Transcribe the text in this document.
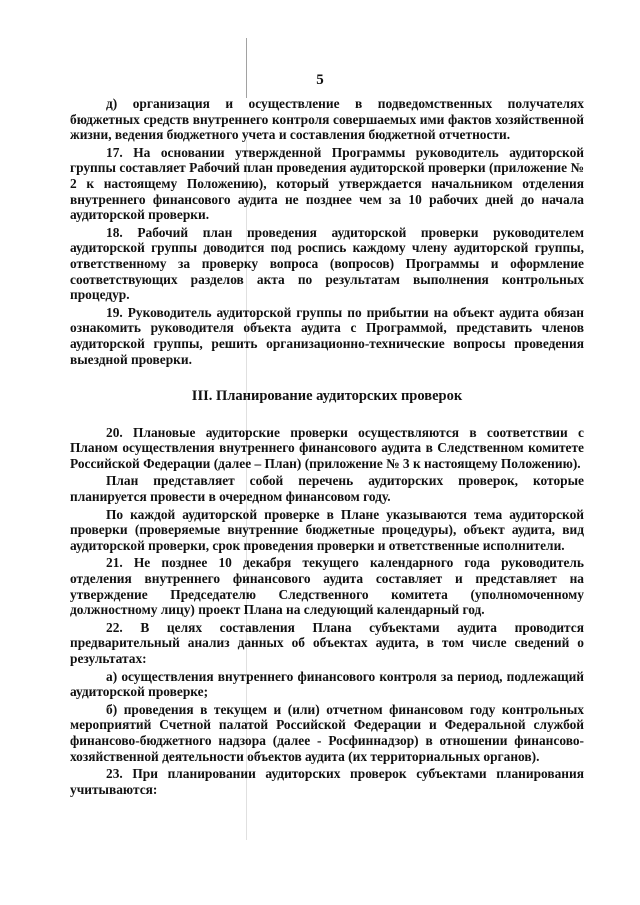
5

д) организация и осуществление в подведомственных получателях бюджетных средств внутреннего контроля совершаемых ими фактов хозяйственной жизни, ведения бюджетного учета и составления бюджетной отчетности.

17. На основании утвержденной Программы руководитель аудиторской группы составляет Рабочий план проведения аудиторской проверки (приложение № 2 к настоящему Положению), который утверждается начальником отделения внутреннего финансового аудита не позднее чем за 10 рабочих дней до начала аудиторской проверки.

18. Рабочий план проведения аудиторской проверки руководителем аудиторской группы доводится под роспись каждому члену аудиторской группы, ответственному за проверку вопроса (вопросов) Программы и оформление соответствующих разделов акта по результатам выполнения контрольных процедур.

19. Руководитель аудиторской группы по прибытии на объект аудита обязан ознакомить руководителя объекта аудита с Программой, представить членов аудиторской группы, решить организационно-технические вопросы проведения выездной проверки.

III. Планирование аудиторских проверок

20. Плановые аудиторские проверки осуществляются в соответствии с Планом осуществления внутреннего финансового аудита в Следственном комитете Российской Федерации (далее – План) (приложение № 3 к настоящему Положению).

План представляет собой перечень аудиторских проверок, которые планируется провести в очередном финансовом году.

По каждой аудиторской проверке в Плане указываются тема аудиторской проверки (проверяемые внутренние бюджетные процедуры), объект аудита, вид аудиторской проверки, срок проведения проверки и ответственные исполнители.

21. Не позднее 10 декабря текущего календарного года руководитель отделения внутреннего финансового аудита составляет и представляет на утверждение Председателю Следственного комитета (уполномоченному должностному лицу) проект Плана на следующий календарный год.

22. В целях составления Плана субъектами аудита проводится предварительный анализ данных об объектах аудита, в том числе сведений о результатах:

а) осуществления внутреннего финансового контроля за период, подлежащий аудиторской проверке;

б) проведения в текущем и (или) отчетном финансовом году контрольных мероприятий Счетной палатой Российской Федерации и Федеральной службой финансово-бюджетного надзора (далее - Росфиннадзор) в отношении финансово-хозяйственной деятельности объектов аудита (их территориальных органов).

23. При планировании аудиторских проверок субъектами планирования учитываются:
